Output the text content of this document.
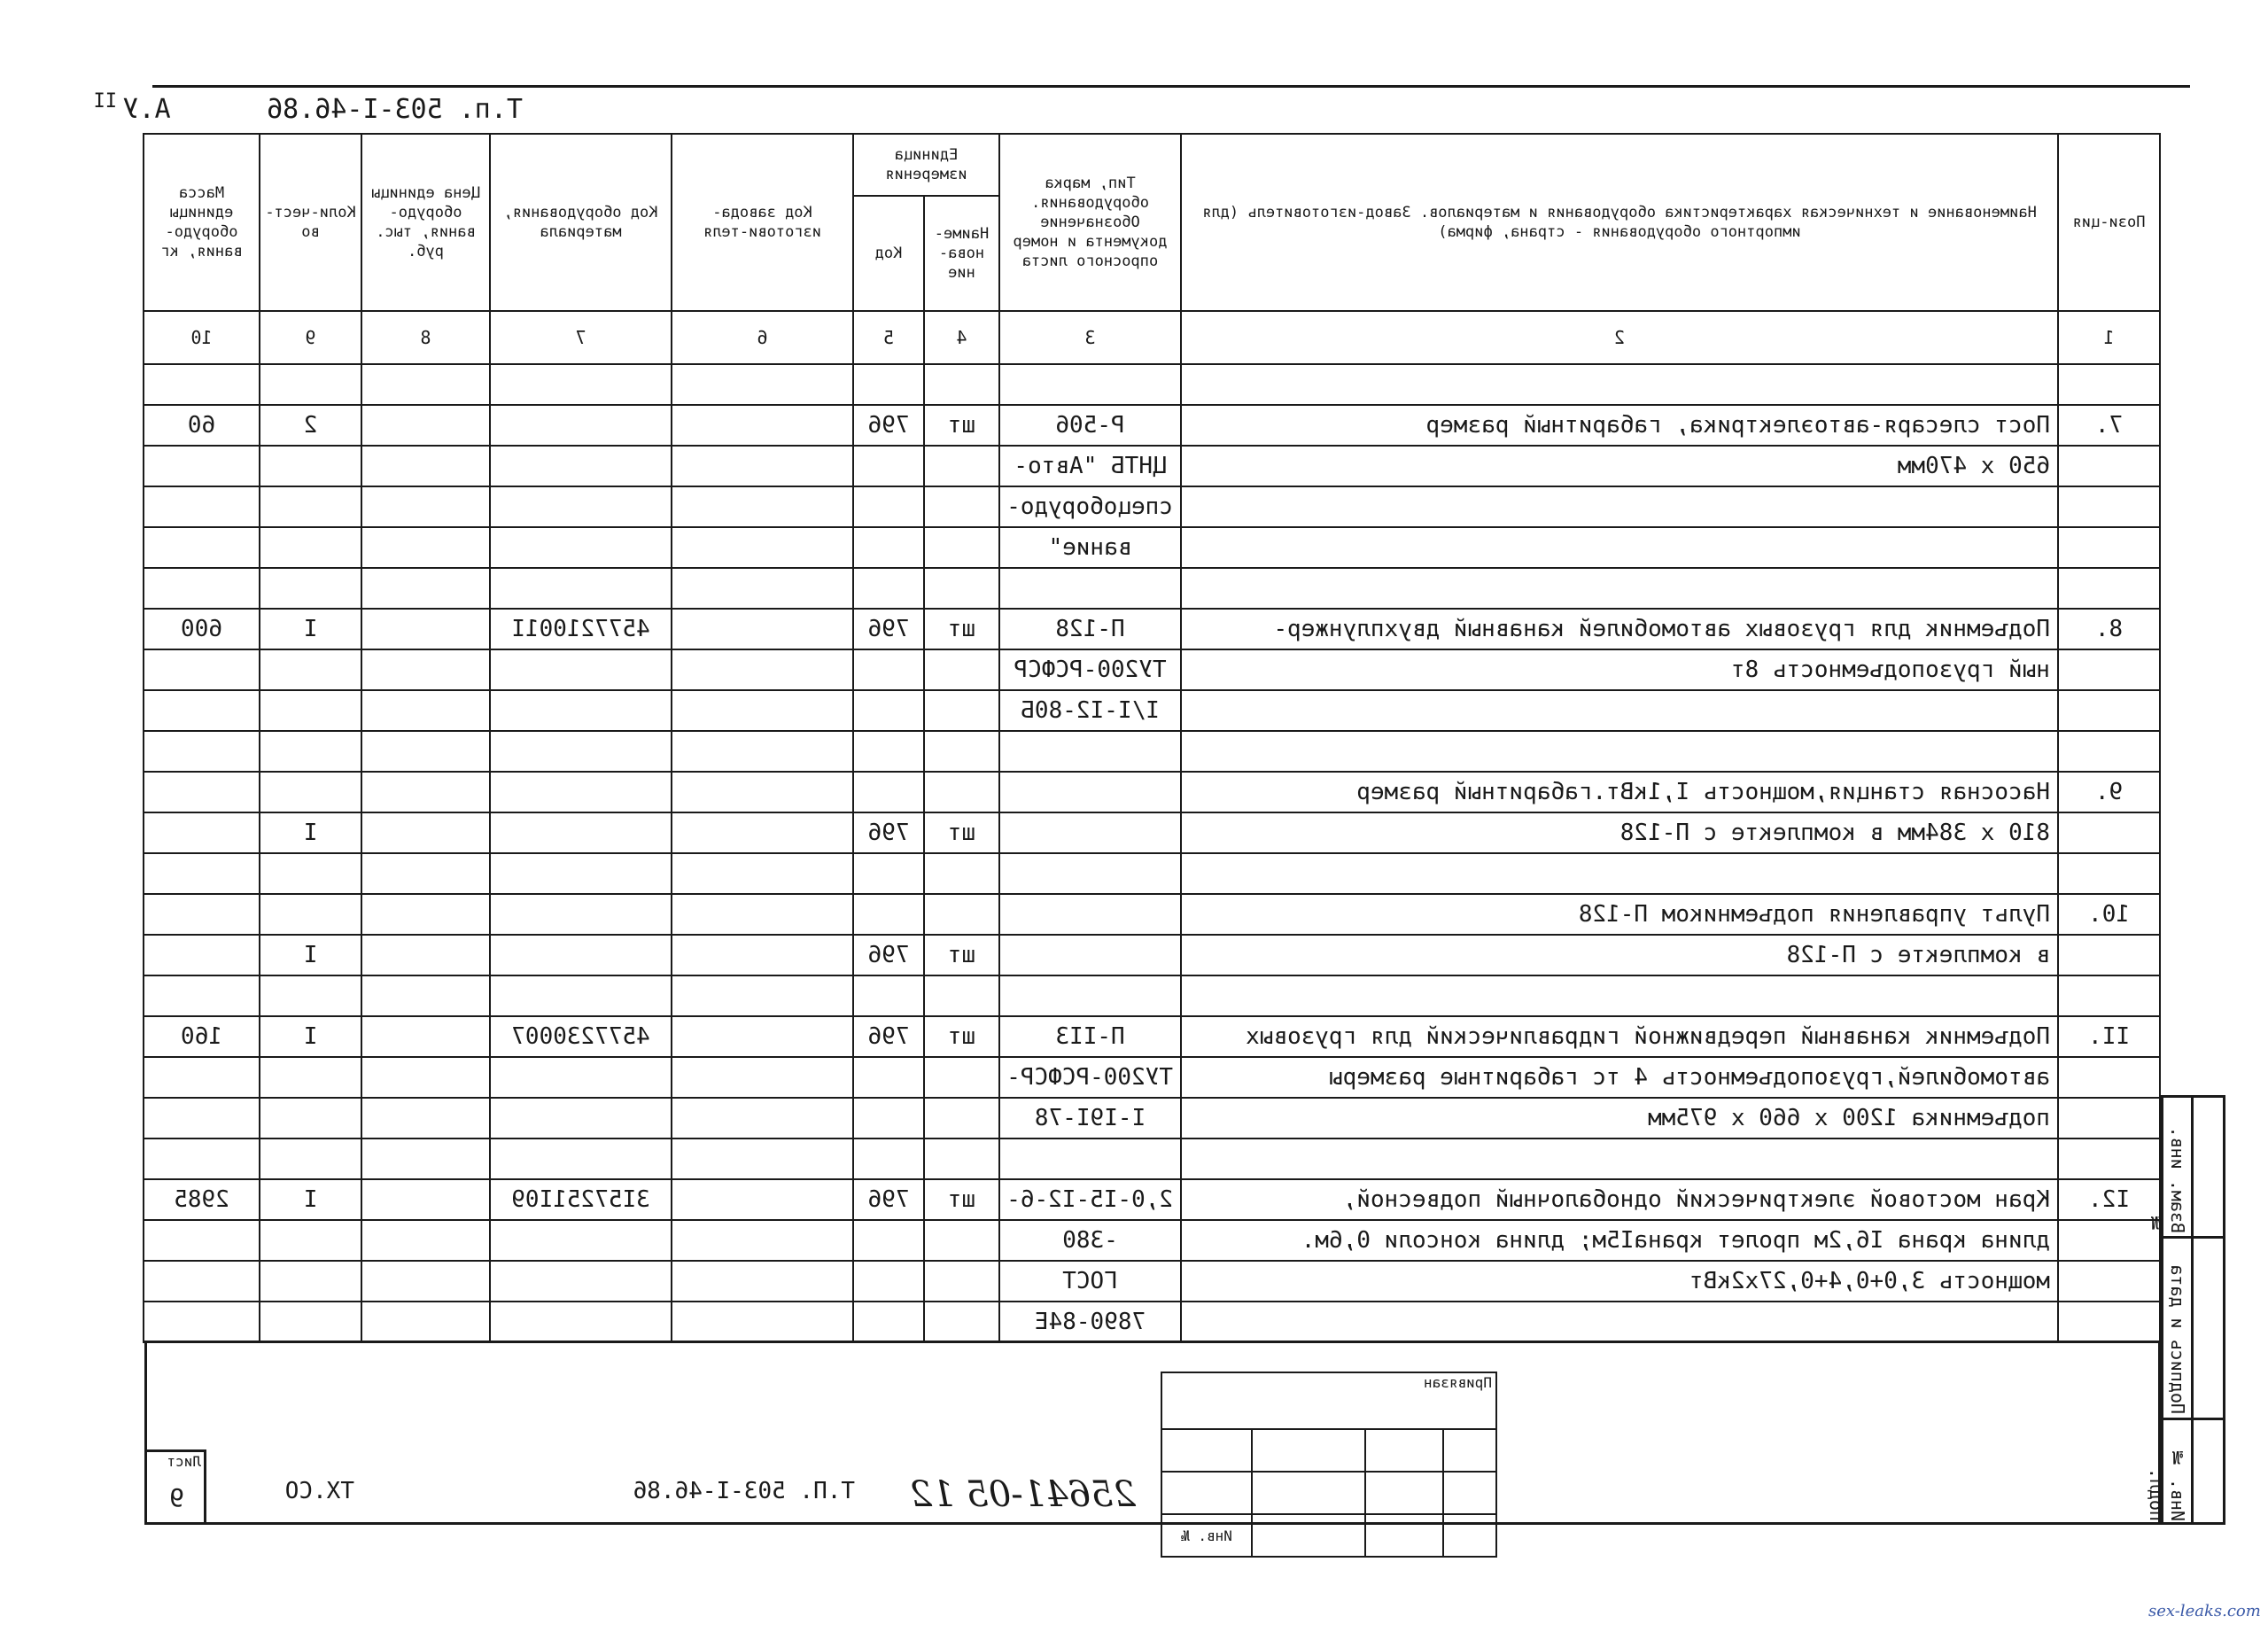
Т.п. 503-I-46.86      А.У
II
Пози-ция	Наименование и техническая характеристика оборудования и материалов. Завод-изготовитель (для импортного оборудования - страна, фирма)	Тип, марка оборудования. Обозначение документа и номер опросного листа	Единица измерения		Код завода-изготови-теля	Код оборудования, материала	Цена единицы оборудо-вания, тыс. руб.	Коли-чест-во	Масса единицы оборудо-вания, кг
			Наиме-нова-ние	Код					
1	2	3	4	5	6	7	8	9	10

7.	Пост слесаря-автоэлектрика, габаритный размер	Р-506	шт	796				2	60
	650 х 470мм	ЦНТБ "Авто-							
		спецоборудо-							
		вание"							

8.	Подъемник для грузовых автомобилей канавный двухплунжер-	П-128	шт	796		457721001I		I	600
	ный грузоподъемность 8т	ТУ200-РСФСР							
		I/I-I2-80Б							

9.	Насосная станция,мощность I,1кВт.габаритный размер								
	810 х 384мм в комплекте с П-128		шт	796				I	

10.	Пульт управления подъемником П-128								
	в комплекте с П-128		шт	796				I	

II.	Подъемник канавный передвижной гидравлический для грузовых	П-II3	шт	796		4577230007		I	160
	автомобилей,грузоподъемность 4 тс габаритные размеры	ТУ200-РСФСР-							
	подъемника 1200 х 660 х 975мм	I-I9I-78							

I2.	Кран мостовой электрический однобалочный подвесной,	2,0-I5-I2-6-	шт	796		3I57251I09		I	2985
	длина крана I6,2м пролет кранаI5м; длина консоли 0,6м.	-380							
	мощность 3,0+0,4+0,27х2кВт	ГОСТ							
		7890-84Е							
Привязан			

			Инв. №
25641-05 12
Т.П. 503-I-46.86
ТХ.СО
Лист
9	Инв. № подл.
Подпись и дата
Взам. инв. №
sex-leaks.com
